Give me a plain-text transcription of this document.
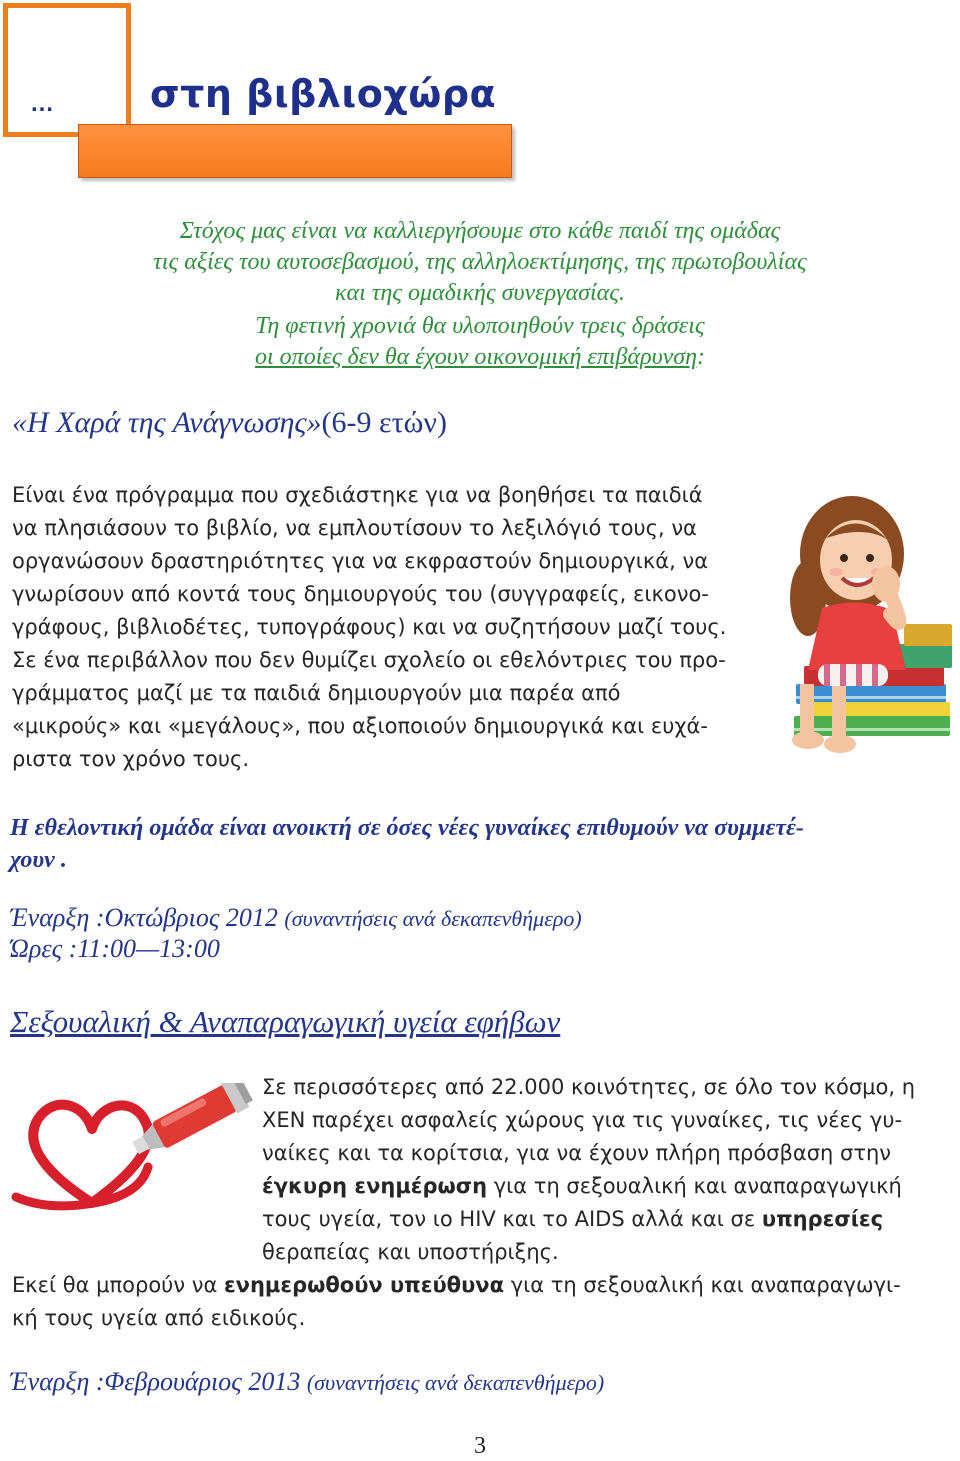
…	στη βιβλιοχώρα
Στόχος μας είναι να καλλιεργήσουμε στο κάθε παιδί της ομάδας
τις αξίες του αυτοσεβασμού, της αλληλοεκτίμησης, της πρωτοβουλίας
και της ομαδικής συνεργασίας.
Τη φετινή χρονιά θα υλοποιηθούν τρεις δράσεις
οι οποίες δεν θα έχουν οικονομική επιβάρυνση:
«Η Χαρά της Ανάγνωσης»(6-9 ετών)
Είναι ένα πρόγραμμα που σχεδιάστηκε για να βοηθήσει τα παιδιά
να πλησιάσουν το βιβλίο, να εμπλουτίσουν το λεξιλόγιό τους, να
οργανώσουν δραστηριότητες για να εκφραστούν δημιουργικά, να
γνωρίσουν από κοντά τους δημιουργούς του (συγγραφείς, εικονο-
γράφους, βιβλιοδέτες, τυπογράφους) και να συζητήσουν μαζί τους.
Σε ένα περιβάλλον που δεν θυμίζει σχολείο οι εθελόντριες του προ-
γράμματος μαζί με τα παιδιά δημιουργούν μια παρέα από
«μικρούς» και «μεγάλους», που αξιοποιούν δημιουργικά και ευχά-
ριστα τον χρόνο τους.
Η εθελοντική ομάδα είναι ανοικτή σε όσες νέες γυναίκες επιθυμούν να συμμετέ-
χουν .
Έναρξη :Οκτώβριος 2012 (συναντήσεις ανά δεκαπενθήμερο)
Ώρες :11:00—13:00
Σεξουαλική & Αναπαραγωγική υγεία εφήβων
Σε περισσότερες από 22.000 κοινότητες, σε όλο τον κόσμο, η
ΧΕΝ παρέχει ασφαλείς χώρους για τις γυναίκες, τις νέες γυ-
ναίκες και τα κορίτσια, για να έχουν πλήρη πρόσβαση στην
έγκυρη ενημέρωση για τη σεξουαλική και αναπαραγωγική
τους υγεία, τον ιο HIV και το AIDS αλλά και σε υπηρεσίες
θεραπείας και υποστήριξης.
Εκεί θα μπορούν να ενημερωθούν υπεύθυνα για τη σεξουαλική και αναπαραγωγι-
κή τους υγεία από ειδικούς.
Έναρξη :Φεβρουάριος 2013 (συναντήσεις ανά δεκαπενθήμερο)
3
